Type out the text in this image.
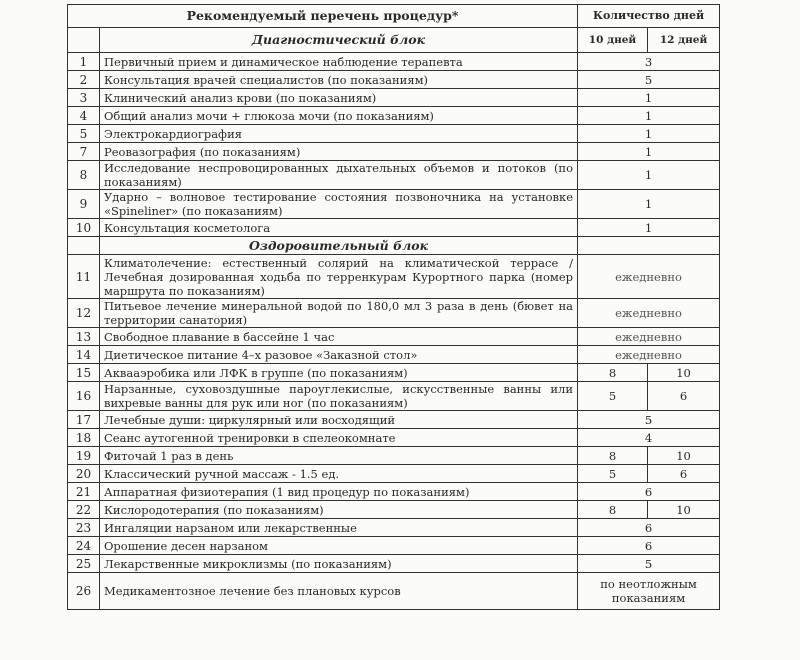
Рекомендуемый перечень процедур*		Количество дней	
	Диагностический блок	10 дней	12 дней
1	Первичный прием и динамическое наблюдение терапевта	3	
2	Консультация врачей специалистов (по показаниям)	5	
3	Клинический анализ крови (по показаниям)	1	
4	Общий анализ мочи + глюкоза мочи (по показаниям)	1	
5	Электрокардиография	1	
7	Реовазография (по показаниям)	1	
8	Исследование неспровоцированных дыхательных объемов и потоков (по показаниям)	1	
9	Ударно – волновое тестирование состояния позвоночника на установке «Spineliner» (по показаниям)	1	
10	Консультация косметолога	1	
	Оздоровительный блок		
11	Климатолечение: естественный солярий на климатической террасе / Лечебная дозированная ходьба по терренкурам Курортного парка (номер маршрута по показаниям)	ежедневно	
12	Питьевое лечение минеральной водой по 180,0 мл 3 раза в день (бювет на территории санатория)	ежедневно	
13	Свободное плавание в бассейне 1 час	ежедневно	
14	Диетическое питание 4–х разовое «Заказной стол»	ежедневно	
15	Аквааэробика или ЛФК в группе (по показаниям)	8	10
16	Нарзанные, суховоздушные пароуглекислые, искусственные ванны или вихревые ванны для рук или ног (по показаниям)	5	6
17	Лечебные души: циркулярный или восходящий	5	
18	Сеанс аутогенной тренировки в спелеокомнате	4	
19	Фиточай 1 раз в день	8	10
20	Классический ручной массаж - 1.5 ед.	5	6
21	Аппаратная физиотерапия (1 вид процедур по показаниям)	6	
22	Кислородотерапия (по показаниям)	8	10
23	Ингаляции нарзаном или лекарственные	6	
24	Орошение десен нарзаном	6	
25	Лекарственные микроклизмы (по показаниям)	5	
26	Медикаментозное лечение без плановых курсов	по неотложным показаниям	
